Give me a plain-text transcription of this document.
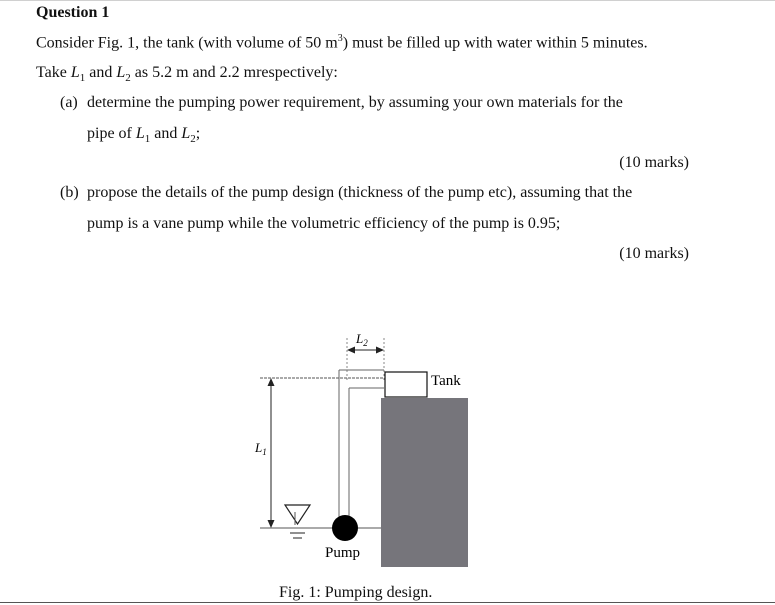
Question 1
Consider Fig. 1, the tank (with volume of 50 $m^3$) must be filled up with water within 5 minutes.
Take $L_1$ and $L_2$ as 5.2 m and 2.2 mrespectively:
(a) determine the pumping power requirement, by assuming your own materials for the
pipe of $L_1$ and $L_2$;
(10 marks)
(b) propose the details of the pump design (thickness of the pump etc), assuming that the
pump is a vane pump while the volumetric efficiency of the pump is 0.95;
(10 marks)
$L_2$
$L_1$
Tank
Pump
Fig. 1: Pumping design.
